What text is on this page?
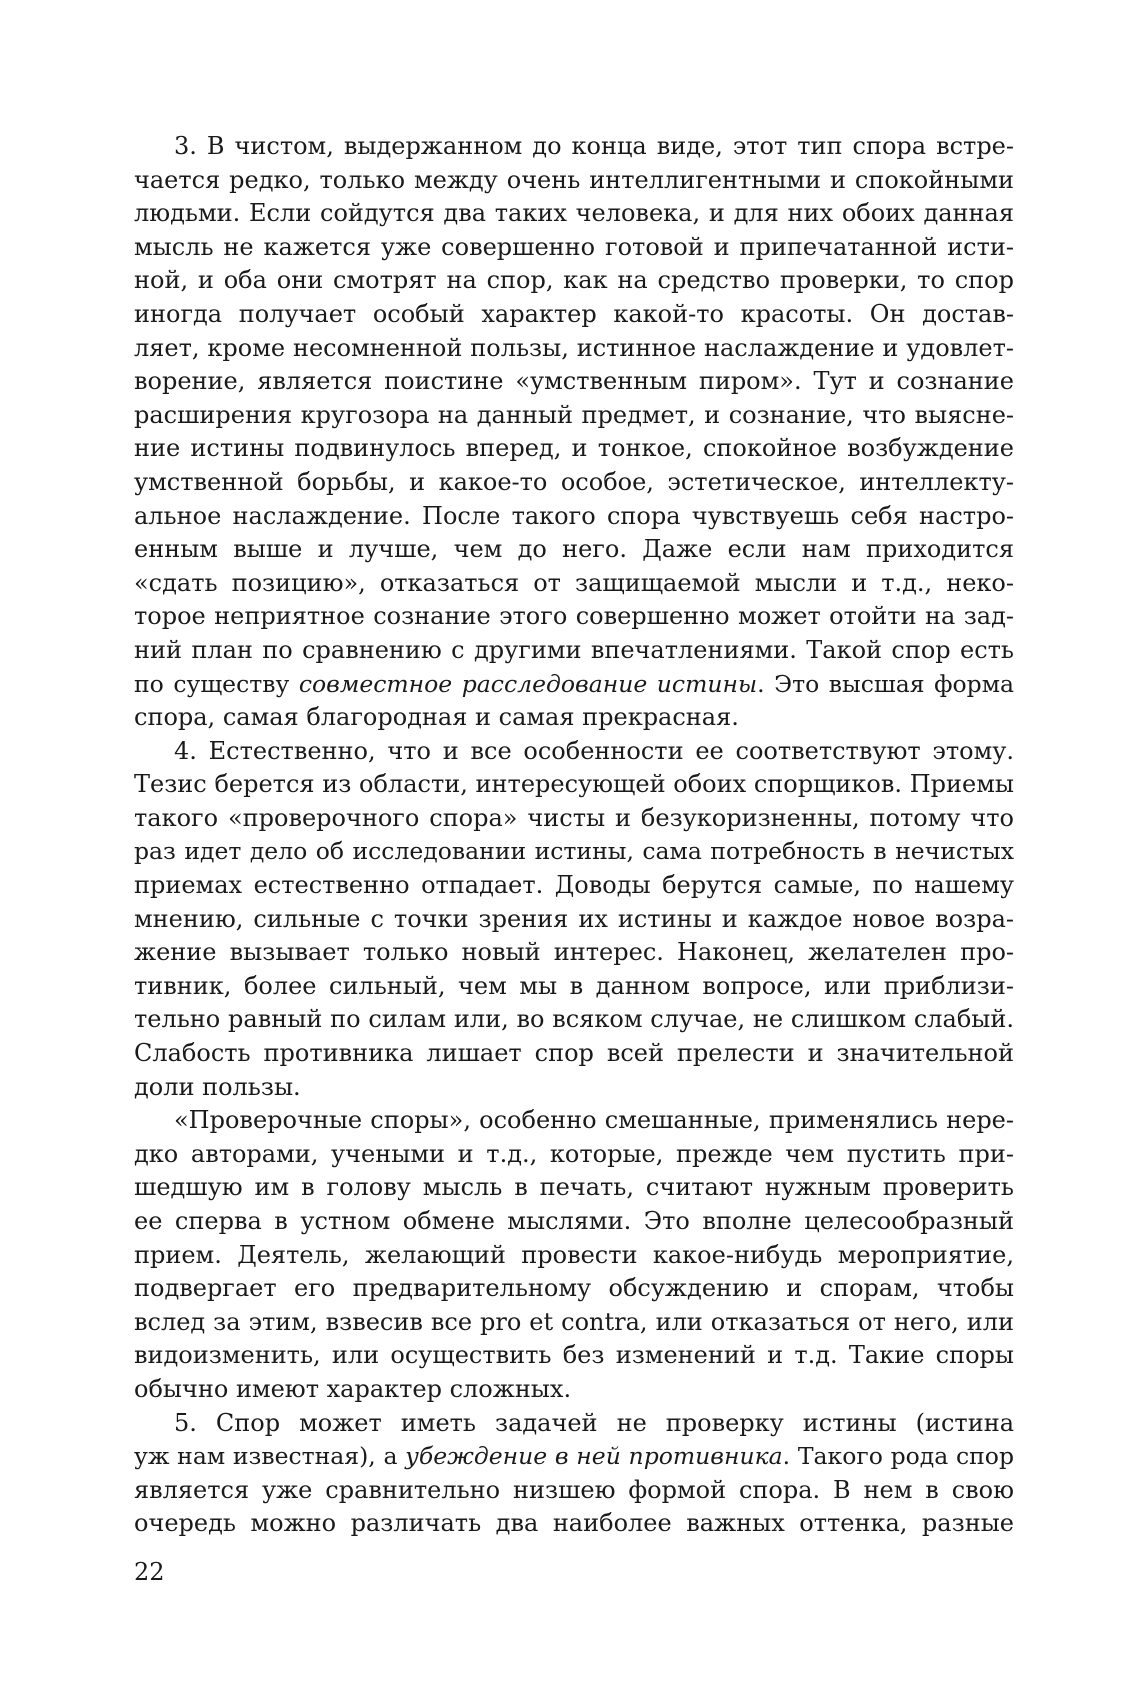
3. В чистом, выдержанном до конца виде, этот тип спора встре-
чается редко, только между очень интеллигентными и спокойными
людьми. Если сойдутся два таких человека, и для них обоих данная
мысль не кажется уже совершенно готовой и припечатанной исти-
ной, и оба они смотрят на спор, как на средство проверки, то спор
иногда получает особый характер какой-то красоты. Он достав-
ляет, кроме несомненной пользы, истинное наслаждение и удовлет-
ворение, является поистине «умственным пиром». Тут и сознание
расширения кругозора на данный предмет, и сознание, что выясне-
ние истины подвинулось вперед, и тонкое, спокойное возбуждение
умственной борьбы, и какое-то особое, эстетическое, интеллекту-
альное наслаждение. После такого спора чувствуешь себя настро-
енным выше и лучше, чем до него. Даже если нам приходится
«сдать позицию», отказаться от защищаемой мысли и т.д., неко-
торое неприятное сознание этого совершенно может отойти на зад-
ний план по сравнению с другими впечатлениями. Такой спор есть
по существу совместное расследование истины. Это высшая форма
спора, самая благородная и самая прекрасная.
4. Естественно, что и все особенности ее соответствуют этому.
Тезис берется из области, интересующей обоих спорщиков. Приемы
такого «проверочного спора» чисты и безукоризненны, потому что
раз идет дело об исследовании истины, сама потребность в нечистых
приемах естественно отпадает. Доводы берутся самые, по нашему
мнению, сильные с точки зрения их истины и каждое новое возра-
жение вызывает только новый интерес. Наконец, желателен про-
тивник, более сильный, чем мы в данном вопросе, или приблизи-
тельно равный по силам или, во всяком случае, не слишком слабый.
Слабость противника лишает спор всей прелести и значительной
доли пользы.
«Проверочные споры», особенно смешанные, применялись нере-
дко авторами, учеными и т.д., которые, прежде чем пустить при-
шедшую им в голову мысль в печать, считают нужным проверить
ее сперва в устном обмене мыслями. Это вполне целесообразный
прием. Деятель, желающий провести какое-нибудь мероприятие,
подвергает его предварительному обсуждению и спорам, чтобы
вслед за этим, взвесив все pro et contra, или отказаться от него, или
видоизменить, или осуществить без изменений и т.д. Такие споры
обычно имеют характер сложных.
5. Спор может иметь задачей не проверку истины (истина
уж нам известная), а убеждение в ней противника. Такого рода спор
является уже сравнительно низшею формой спора. В нем в свою
очередь можно различать два наиболее важных оттенка, разные
22
